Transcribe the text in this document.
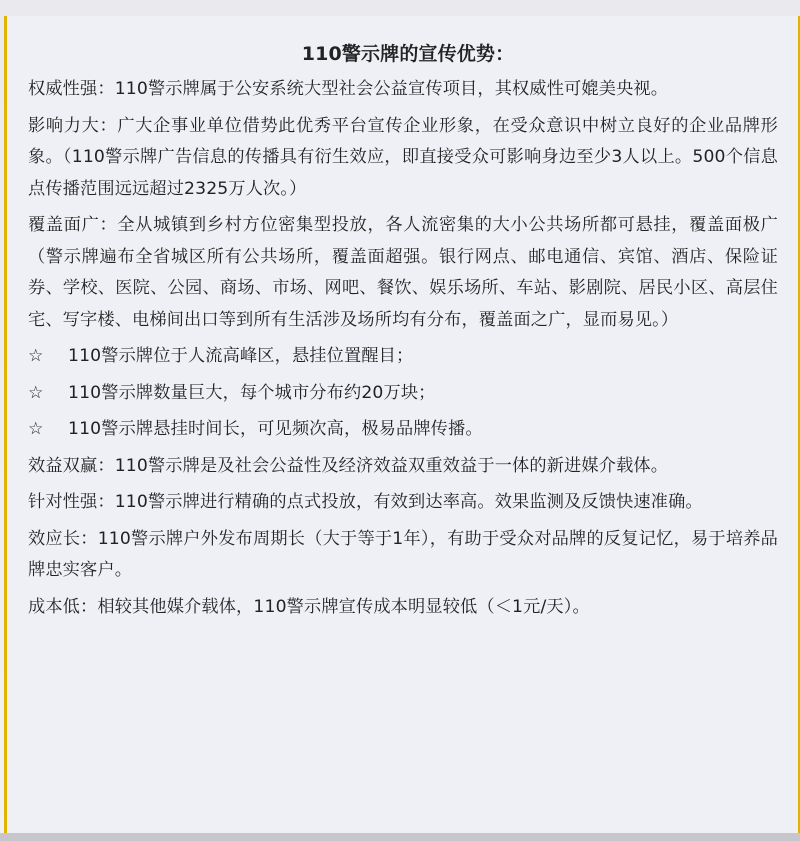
110警示牌的宣传优势：

权威性强：110警示牌属于公安系统大型社会公益宣传项目，其权威性可媲美央视。

影响力大：广大企事业单位借势此优秀平台宣传企业形象，在受众意识中树立良好的企业品牌形象。（110警示牌广告信息的传播具有衍生效应，即直接受众可影响身边至少3人以上。500个信息点传播范围远远超过2325万人次。）

覆盖面广：全从城镇到乡村方位密集型投放，各人流密集的大小公共场所都可悬挂，覆盖面极广（警示牌遍布全省城区所有公共场所，覆盖面超强。银行网点、邮电通信、宾馆、酒店、保险证券、学校、医院、公园、商场、市场、网吧、餐饮、娱乐场所、车站、影剧院、居民小区、高层住宅、写字楼、电梯间出口等到所有生活涉及场所均有分布，覆盖面之广，显而易见。）

☆ 110警示牌位于人流高峰区，悬挂位置醒目；
☆ 110警示牌数量巨大，每个城市分布约20万块；
☆ 110警示牌悬挂时间长，可见频次高，极易品牌传播。

效益双赢：110警示牌是及社会公益性及经济效益双重效益于一体的新进媒介载体。

针对性强：110警示牌进行精确的点式投放，有效到达率高。效果监测及反馈快速准确。

效应长：110警示牌户外发布周期长（大于等于1年），有助于受众对品牌的反复记忆，易于培养品牌忠实客户。

成本低：相较其他媒介载体，110警示牌宣传成本明显较低（＜1元/天）。
